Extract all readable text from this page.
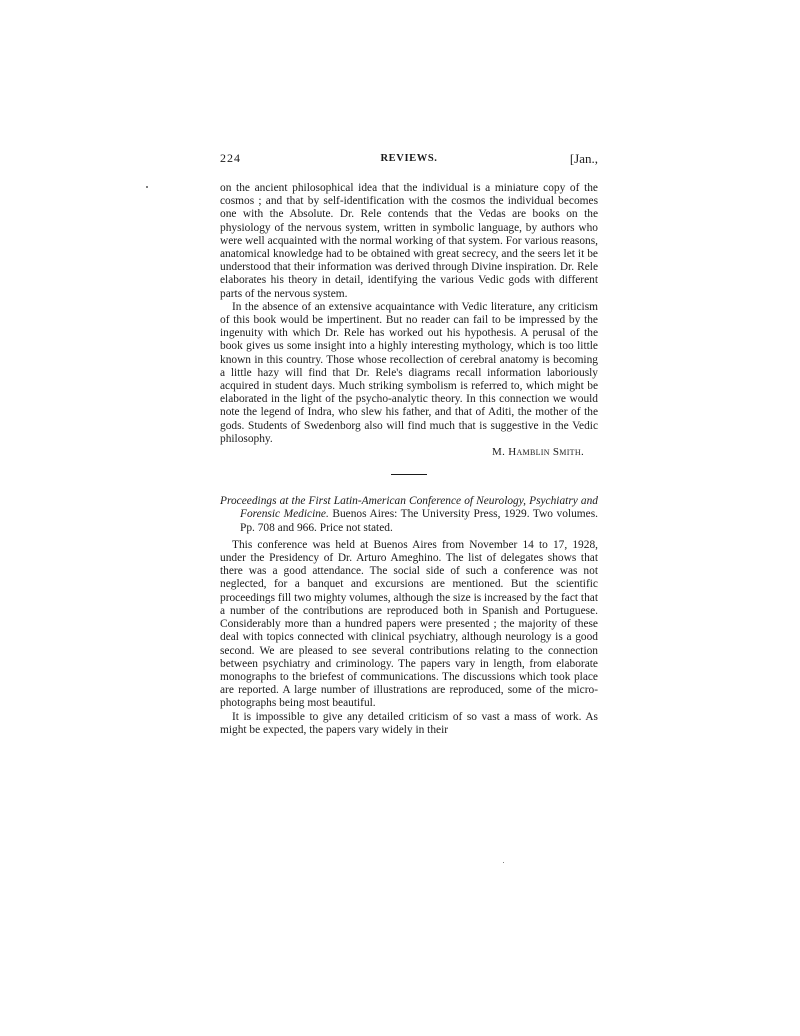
224	REVIEWS.	[Jan.,

on the ancient philosophical idea that the individual is a miniature copy of the cosmos ; and that by self-identification with the cosmos the individual becomes one with the Absolute. Dr. Rele contends that the Vedas are books on the physiology of the nervous system, written in symbolic language, by authors who were well acquainted with the normal working of that system. For various reasons, anatomical knowledge had to be obtained with great secrecy, and the seers let it be understood that their information was derived through Divine inspiration. Dr. Rele elaborates his theory in detail, identifying the various Vedic gods with different parts of the nervous system.

In the absence of an extensive acquaintance with Vedic literature, any criticism of this book would be impertinent. But no reader can fail to be impressed by the ingenuity with which Dr. Rele has worked out his hypothesis. A perusal of the book gives us some insight into a highly interesting mythology, which is too little known in this country. Those whose recollection of cerebral anatomy is becoming a little hazy will find that Dr. Rele's diagrams recall information laboriously acquired in student days. Much striking symbolism is referred to, which might be elaborated in the light of the psycho-analytic theory. In this connection we would note the legend of Indra, who slew his father, and that of Aditi, the mother of the gods. Students of Swedenborg also will find much that is suggestive in the Vedic philosophy.

M. Hamblin Smith.

Proceedings at the First Latin-American Conference of Neurology, Psychiatry and Forensic Medicine. Buenos Aires: The University Press, 1929. Two volumes. Pp. 708 and 966. Price not stated.

This conference was held at Buenos Aires from November 14 to 17, 1928, under the Presidency of Dr. Arturo Ameghino. The list of delegates shows that there was a good attendance. The social side of such a conference was not neglected, for a banquet and excursions are mentioned. But the scientific proceedings fill two mighty volumes, although the size is increased by the fact that a number of the contributions are reproduced both in Spanish and Portuguese. Considerably more than a hundred papers were presented ; the majority of these deal with topics connected with clinical psychiatry, although neurology is a good second. We are pleased to see several contributions relating to the connection between psychiatry and criminology. The papers vary in length, from elaborate monographs to the briefest of communications. The discussions which took place are reported. A large number of illustrations are reproduced, some of the micro-photographs being most beautiful.

It is impossible to give any detailed criticism of so vast a mass of work. As might be expected, the papers vary widely in their
